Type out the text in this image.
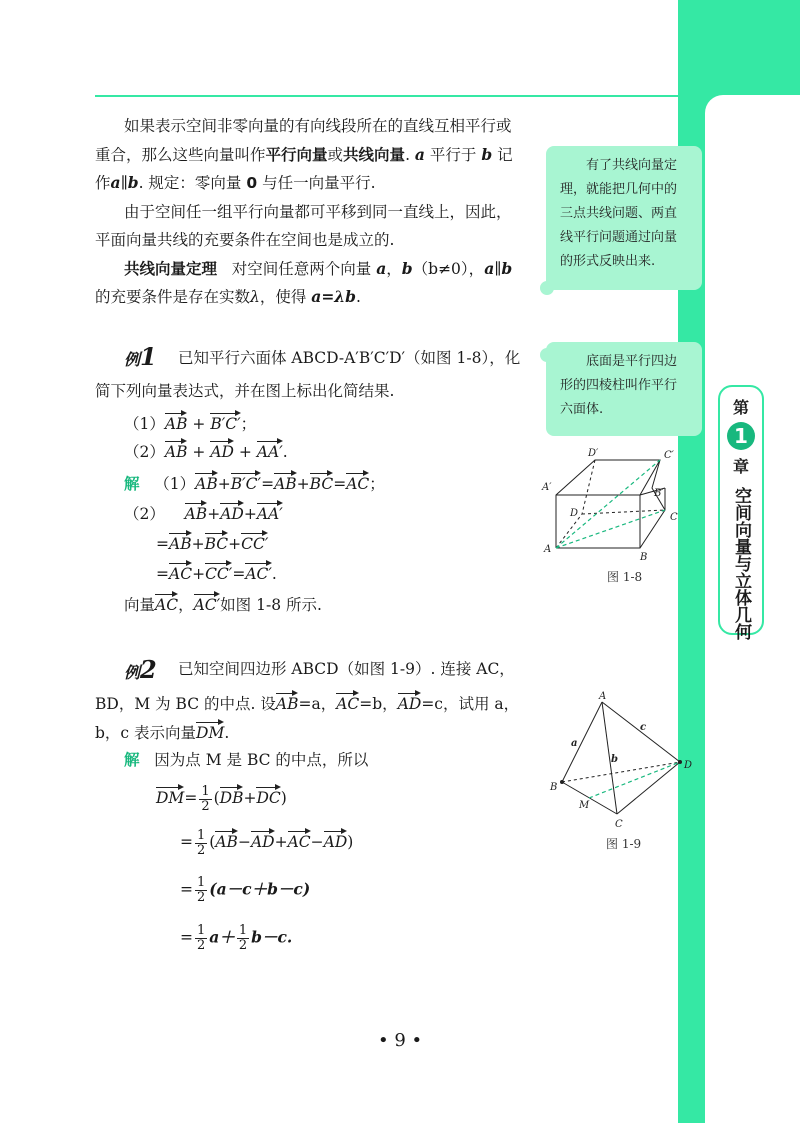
如果表示空间非零向量的有向线段所在的直线互相平行或
重合，那么这些向量叫作平行向量或共线向量. a 平行于 b 记
作a∥b. 规定：零向量 0 与任一向量平行.
由于空间任一组平行向量都可平移到同一直线上，因此，
平面向量共线的充要条件在空间也是成立的.
共线向量定理 对空间任意两个向量 a，b（b≠0），a∥b
的充要条件是存在实数λ，使得 a=λb.
有了共线向量定
理，就能把几何中的
三点共线问题、两直
线平行问题通过向量
的形式反映出来.
底面是平行四边
形的四棱柱叫作平行
六面体.
例1 已知平行六面体 ABCD-A′B′C′D′（如图 1-8），化
简下列向量表达式，并在图上标出化简结果.
（1）AB + B′C′；
（2）AB + AD + AA′.
解 （1）AB+B′C′=AB+BC=AC；
（2） AB+AD+AA′
=AB+BC+CC′
=AC+CC′=AC′.
向量AC，AC′如图 1-8 所示.
A
B
C
D
A′
B′
C′
D′
图 1-8
例2 已知空间四边形 ABCD（如图 1-9）. 连接 AC，
BD，M 为 BC 的中点. 设AB=a，AC=b，AD=c，试用 a，
b，c 表示向量DM.
解 因为点 M 是 BC 的中点，所以
$DM= \frac{1}{2} (DB+DC)$
= $\frac{1}{2} (AB-AD+AC-AD)$
= $\frac{1}{2} (a-c+b-c)$
= $\frac{1}{2} a+ \frac{1}{2} b-c$.
A
B
C
D
M
a
b
c
图 1-9
第
1
章
空间向量与立体几何
• 9 •
